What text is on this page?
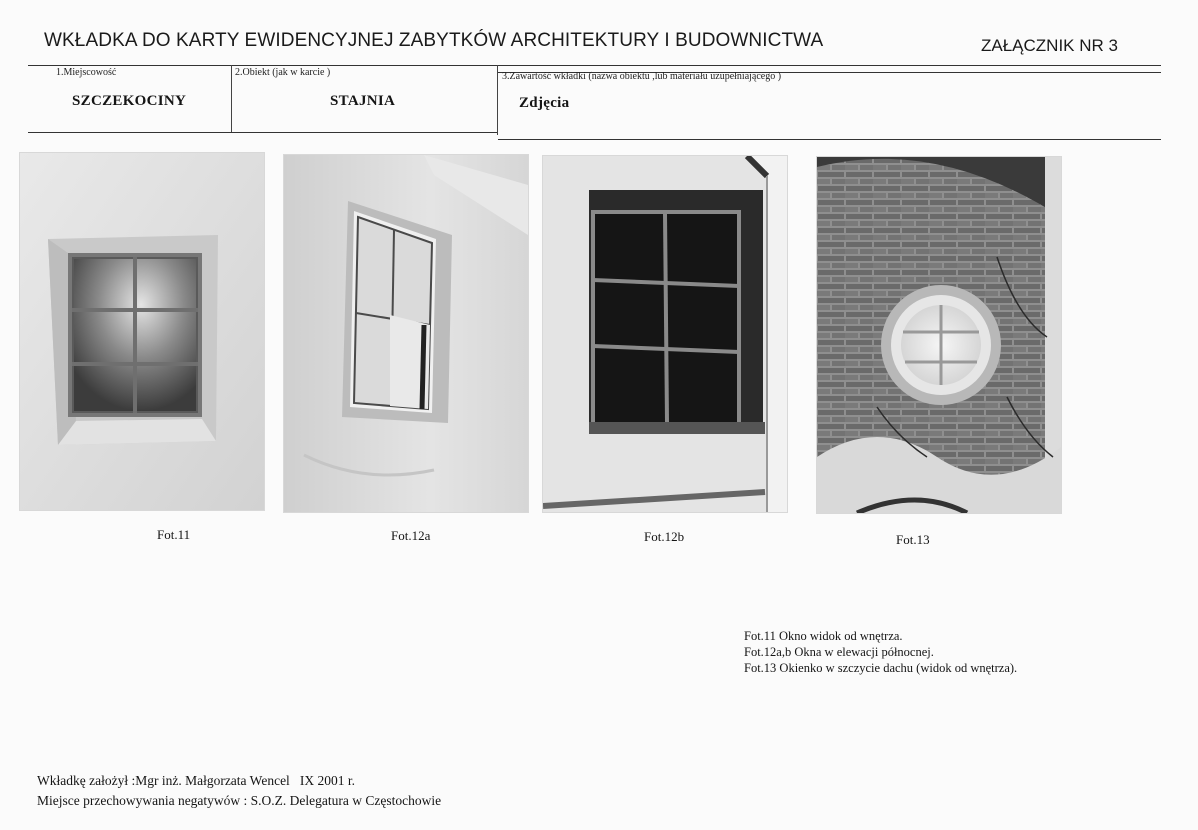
WKŁADKA DO KARTY EWIDENCYJNEJ ZABYTKÓW ARCHITEKTURY I BUDOWNICTWA	ZAŁĄCZNIK NR 3
1.Miejscowość
SZCZEKOCINY
2.Obiekt (jak w karcie )
STAJNIA
3.Zawartość wkładki (nazwa obiektu ,lub materiału uzupełniającego )
Zdjęcia
Fot.11	Fot.12a	Fot.12b	Fot.13
Fot.11 Okno widok od wnętrza.
Fot.12a,b Okna w elewacji północnej.
Fot.13 Okienko w szczycie dachu (widok od wnętrza).
Wkładkę założył :Mgr inż. Małgorzata Wencel   IX 2001 r.
Miejsce przechowywania negatywów : S.O.Z. Delegatura w Częstochowie
